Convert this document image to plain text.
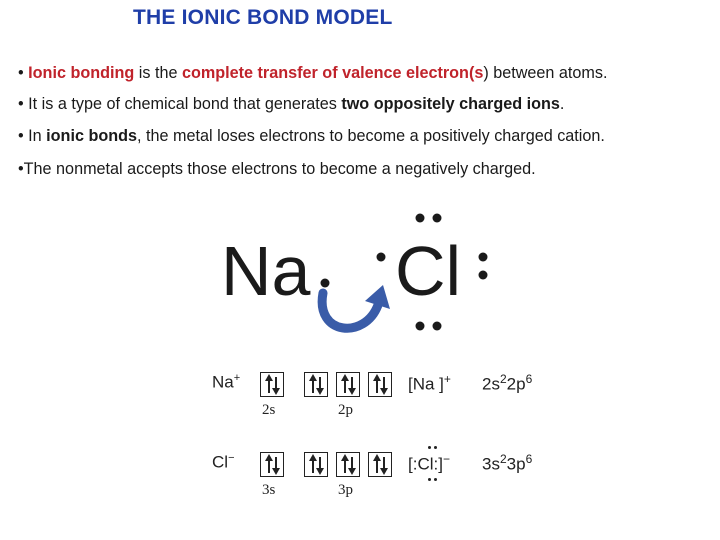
THE IONIC BOND MODEL
• Ionic bonding is the complete transfer of valence electron(s) between atoms.
• It is a type of chemical bond that generates two oppositely charged ions.
• In ionic bonds, the metal loses electrons to become a positively charged cation.
•The nonmetal accepts those electrons to become a negatively charged.
Na Cl
Na+
2s	2p
[Na ]+ $2s^22p^6$
Cl−
3s	3p
[:Cl:]− $3s^23p^6$
